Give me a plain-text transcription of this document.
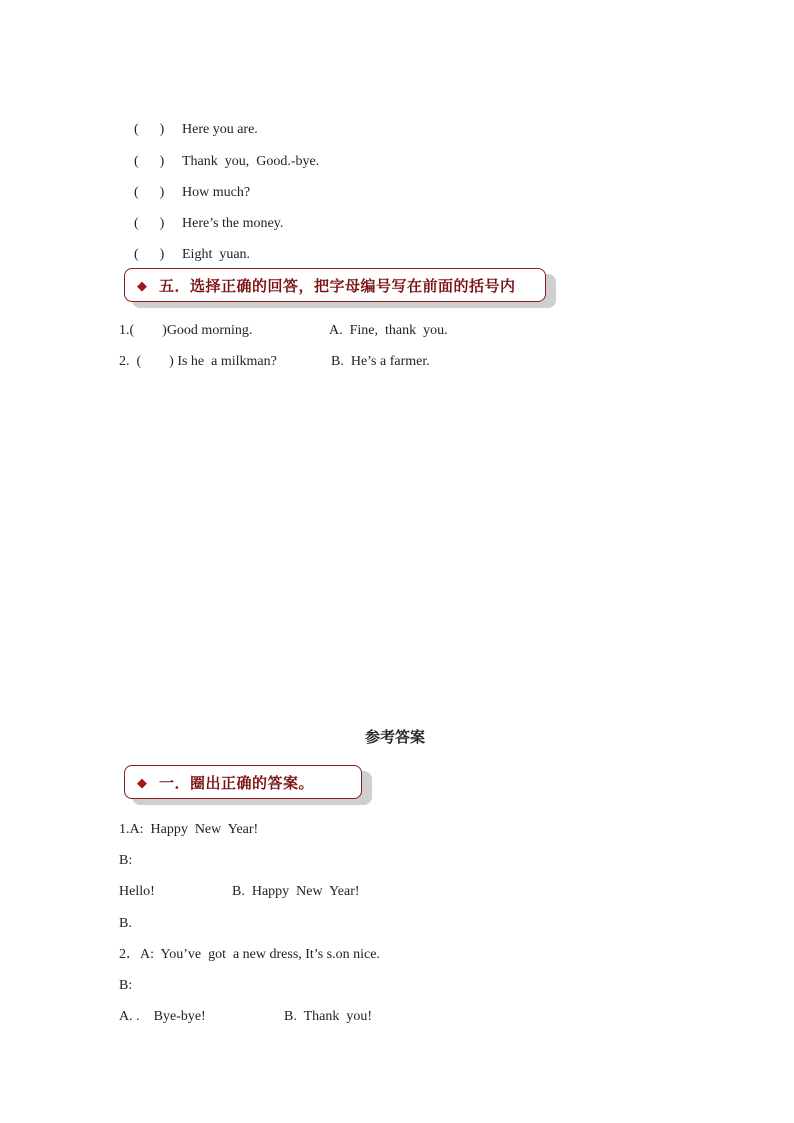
(      ) Here you are.

(      ) Thank  you,  Good.-bye.

(      ) How much?

(      ) Here’s the money.

(      ) Eight  yuan.

◆ 五．选择正确的回答，把字母编号写在前面的括号内
1.(        )Good morning.	A.  Fine,  thank  you.
2.  (        ) Is he  a milkman?	B.  He’s a farmer.
参考答案
◆ 一．圈出正确的答案。
1.A:  Happy  New  Year!
B:
Hello!	B.  Happy  New  Year!
B.
2．A:  You’ve  got  a new dress, It’s s.on nice.
B:
A. .    Bye-bye!	B.  Thank  you!
